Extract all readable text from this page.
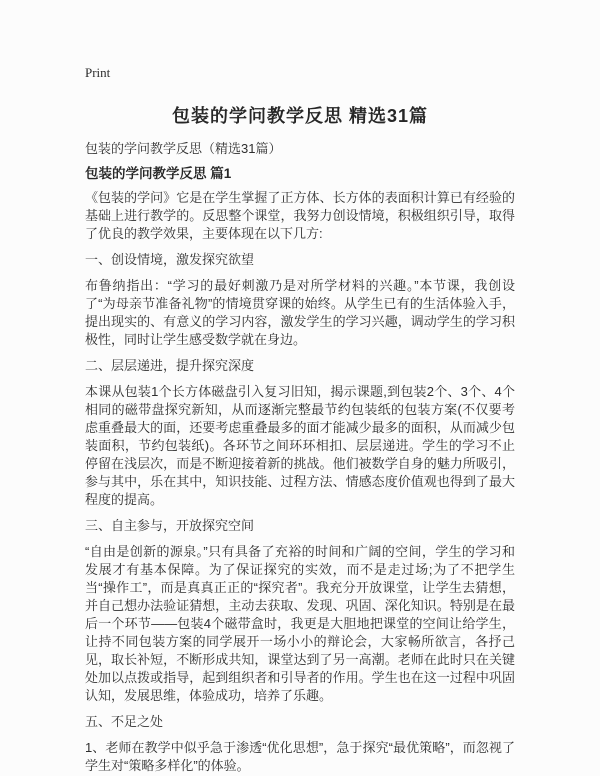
Print
包装的学问教学反思 精选31篇
包装的学问教学反思（精选31篇）
包装的学问教学反思 篇1
《包装的学问》它是在学生掌握了正方体、长方体的表面积计算已有经验的基础上进行教学的。反思整个课堂，我努力创设情境，积极组织引导，取得了优良的教学效果，主要体现在以下几方:
一、创设情境，激发探究欲望
布鲁纳指出：“学习的最好刺激乃是对所学材料的兴趣。”本节课，我创设了“为母亲节准备礼物”的情境贯穿课的始终。从学生已有的生活体验入手，提出现实的、有意义的学习内容，激发学生的学习兴趣，调动学生的学习积极性，同时让学生感受数学就在身边。
二、层层递进，提升探究深度
本课从包装1个长方体磁盘引入复习旧知，揭示课题,到包装2个、3个、4个相同的磁带盘探究新知，从而逐渐完整最节约包装纸的包装方案(不仅要考虑重叠最大的面，还要考虑重叠最多的面才能减少最多的面积，从而减少包装面积，节约包装纸)。各环节之间环环相扣、层层递进。学生的学习不止停留在浅层次，而是不断迎接着新的挑战。他们被数学自身的魅力所吸引，参与其中，乐在其中，知识技能、过程方法、情感态度价值观也得到了最大程度的提高。
三、自主参与，开放探究空间
“自由是创新的源泉。”只有具备了充裕的时间和广阔的空间，学生的学习和发展才有基本保障。为了保证探究的实效，而不是走过场;为了不把学生当“操作工”，而是真真正正的“探究者”。我充分开放课堂，让学生去猜想，并自己想办法验证猜想，主动去获取、发现、巩固、深化知识。特别是在最后一个环节——包装4个磁带盒时，我更是大胆地把课堂的空间让给学生，让持不同包装方案的同学展开一场小小的辩论会，大家畅所欲言，各抒己见，取长补短，不断形成共知，课堂达到了另一高潮。老师在此时只在关键处加以点拨或指导，起到组织者和引导者的作用。学生也在这一过程中巩固认知，发展思维，体验成功，培养了乐趣。
五、不足之处
1、老师在教学中似乎急于渗透“优化思想”，急于探究“最优策略”，而忽视了学生对“策略多样化”的体验。
